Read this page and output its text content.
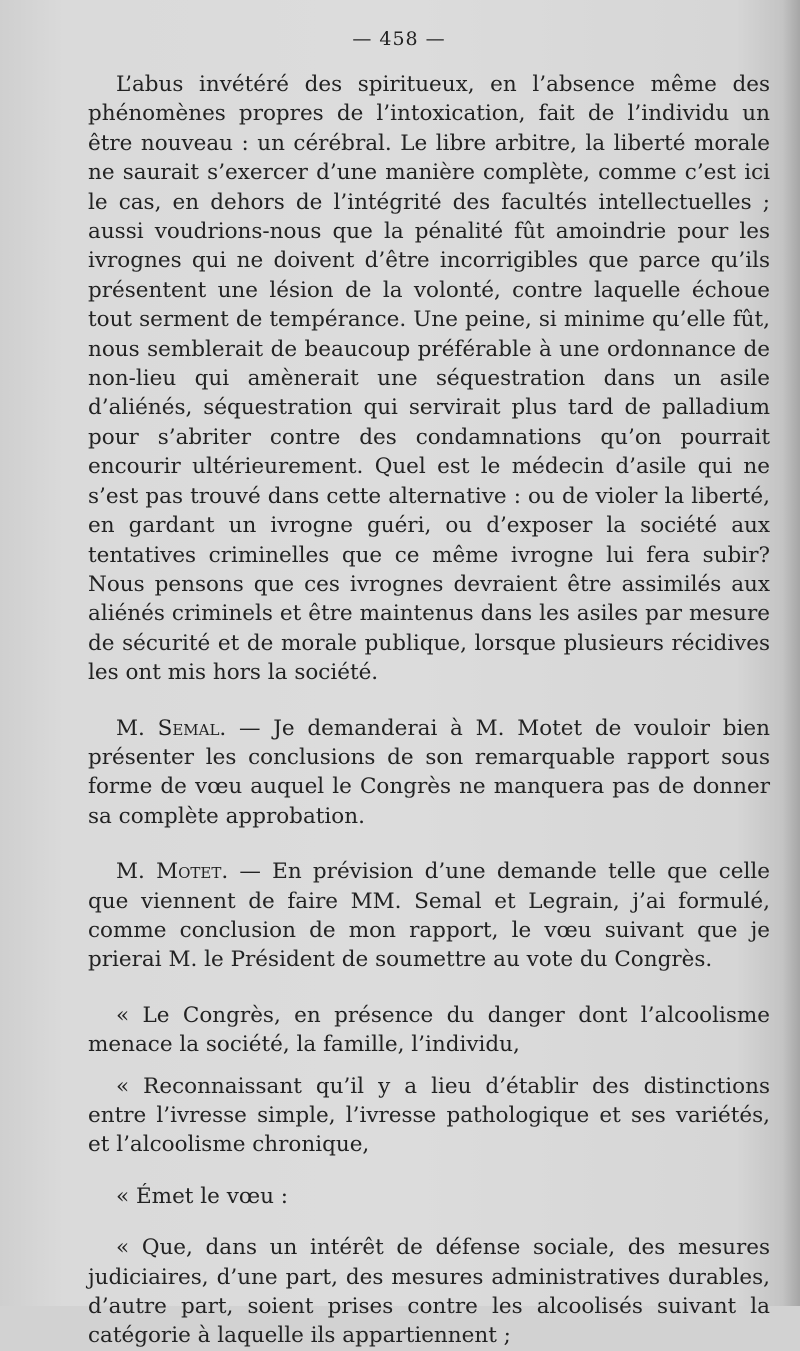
— 458 —

L’abus invétéré des spiritueux, en l’absence même des phénomènes propres de l’intoxication, fait de l’individu un être nouveau : un cérébral. Le libre arbitre, la liberté morale ne saurait s’exercer d’une manière complète, comme c’est ici le cas, en dehors de l’intégrité des facultés intellectuelles ; aussi voudrions-nous que la pénalité fût amoindrie pour les ivrognes qui ne doivent d’être incorrigibles que parce qu’ils présentent une lésion de la volonté, contre laquelle échoue tout serment de tempérance. Une peine, si minime qu’elle fût, nous semblerait de beaucoup préférable à une ordonnance de non-lieu qui amènerait une séquestration dans un asile d’aliénés, séquestration qui servirait plus tard de palladium pour s’abriter contre des condamnations qu’on pourrait encourir ultérieurement. Quel est le médecin d’asile qui ne s’est pas trouvé dans cette alternative : ou de violer la liberté, en gardant un ivrogne guéri, ou d’exposer la société aux tentatives criminelles que ce même ivrogne lui fera subir? Nous pensons que ces ivrognes devraient être assimilés aux aliénés criminels et être maintenus dans les asiles par mesure de sécurité et de morale publique, lorsque plusieurs récidives les ont mis hors la société.

M. Semal. — Je demanderai à M. Motet de vouloir bien présenter les conclusions de son remarquable rapport sous forme de vœu auquel le Congrès ne manquera pas de donner sa complète approbation.

M. Motet. — En prévision d’une demande telle que celle que viennent de faire MM. Semal et Legrain, j’ai formulé, comme conclusion de mon rapport, le vœu suivant que je prierai M. le Président de soumettre au vote du Congrès.

« Le Congrès, en présence du danger dont l’alcoolisme menace la société, la famille, l’individu,

« Reconnaissant qu’il y a lieu d’établir des distinctions entre l’ivresse simple, l’ivresse pathologique et ses variétés, et l’alcoolisme chronique,

« Émet le vœu :

« Que, dans un intérêt de défense sociale, des mesures judiciaires, d’une part, des mesures administratives durables, d’autre part, soient prises contre les alcoolisés suivant la catégorie à laquelle ils appartiennent ;
